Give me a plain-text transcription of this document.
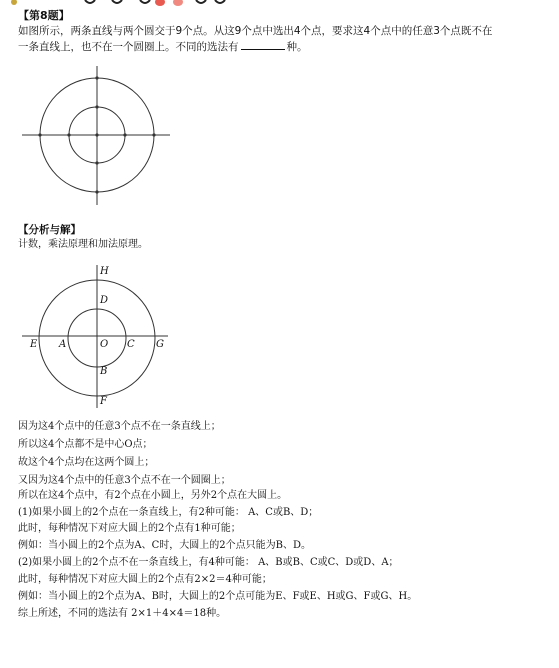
【第8题】
如图所示，两条直线与两个圆交于9个点。从这9个点中选出4个点，要求这4个点中的任意3个点既不在
一条直线上，也不在一个圆圈上。不同的选法有	种。
【分析与解】
计数，乘法原理和加法原理。
H
D
E A	O C G
B
F
因为这4个点中的任意3个点不在一条直线上；
所以这4个点都不是中心O点；
故这个4个点均在这两个圆上；
又因为这4个点中的任意3个点不在一个圆圈上；
所以在这4个点中，有2个点在小圆上，另外2个点在大圆上。
(1)如果小圆上的2个点在一条直线上，有2种可能： A、C或B、D；
此时，每种情况下对应大圆上的2个点有1种可能；
例如：当小圆上的2个点为A、C时，大圆上的2个点只能为B、D。
(2)如果小圆上的2个点不在一条直线上，有4种可能： A、B或B、C或C、D或D、A；
此时，每种情况下对应大圆上的2个点有2×2＝4种可能；
例如：当小圆上的2个点为A、B时，大圆上的2个点可能为E、F或E、H或G、F或G、H。
综上所述，不同的选法有 2×1＋4×4＝18种。
